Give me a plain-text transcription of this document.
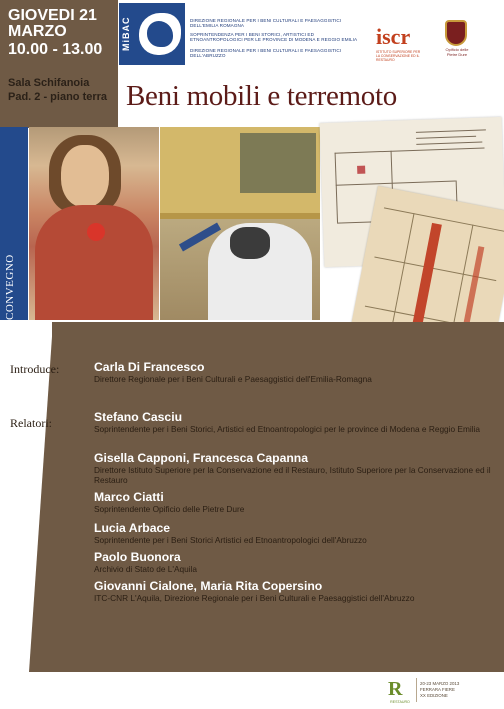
GIOVEDI 21
MARZO
10.00 - 13.00
Sala Schifanoia
Pad. 2 - piano terra
MiBAC	DIREZIONE REGIONALE PER I BENI CULTURALI E PAESAGGISTICI DELL'EMILIA ROMAGNA
SOPRINTENDENZA PER I BENI STORICI, ARTISTICI ED ETNOANTROPOLOGICI PER LE PROVINCE DI MODENA E REGGIO EMILIA
DIREZIONE REGIONALE PER I BENI CULTURALI E PAESAGGISTICI DELL'ABRUZZO
iscr
ISTITUTO SUPERIORE PER LA CONSERVAZIONE ED IL RESTAURO
Opificio delle Pietre Dure
Beni mobili e terremoto
CONVEGNO
Introduce:
Relatori:
Carla Di Francesco
Direttore Regionale per i Beni Culturali e Paesaggistici dell'Emilia-Romagna
Stefano Casciu
Soprintendente per i Beni Storici, Artistici ed Etnoantropologici per le province di Modena e Reggio Emilia
Gisella Capponi, Francesca Capanna
Direttore Istituto Superiore per la Conservazione ed il Restauro, Istituto Superiore per la Conservazione ed il Restauro
Marco Ciatti
Soprintendente Opificio delle Pietre Dure
Lucia Arbace
Soprintendente per i Beni Storici Artistici ed Etnoantropologici dell'Abruzzo
Paolo Buonora
Archivio di Stato de L'Aquila
Giovanni Cialone, Maria Rita Copersino
ITC-CNR L'Aquila, Direzione Regionale per i Beni Culturali e Paesaggistici dell'Abruzzo
R
RESTAURO
20-23 MARZO 2013
FERRARA FIERE
XX EDIZIONE
